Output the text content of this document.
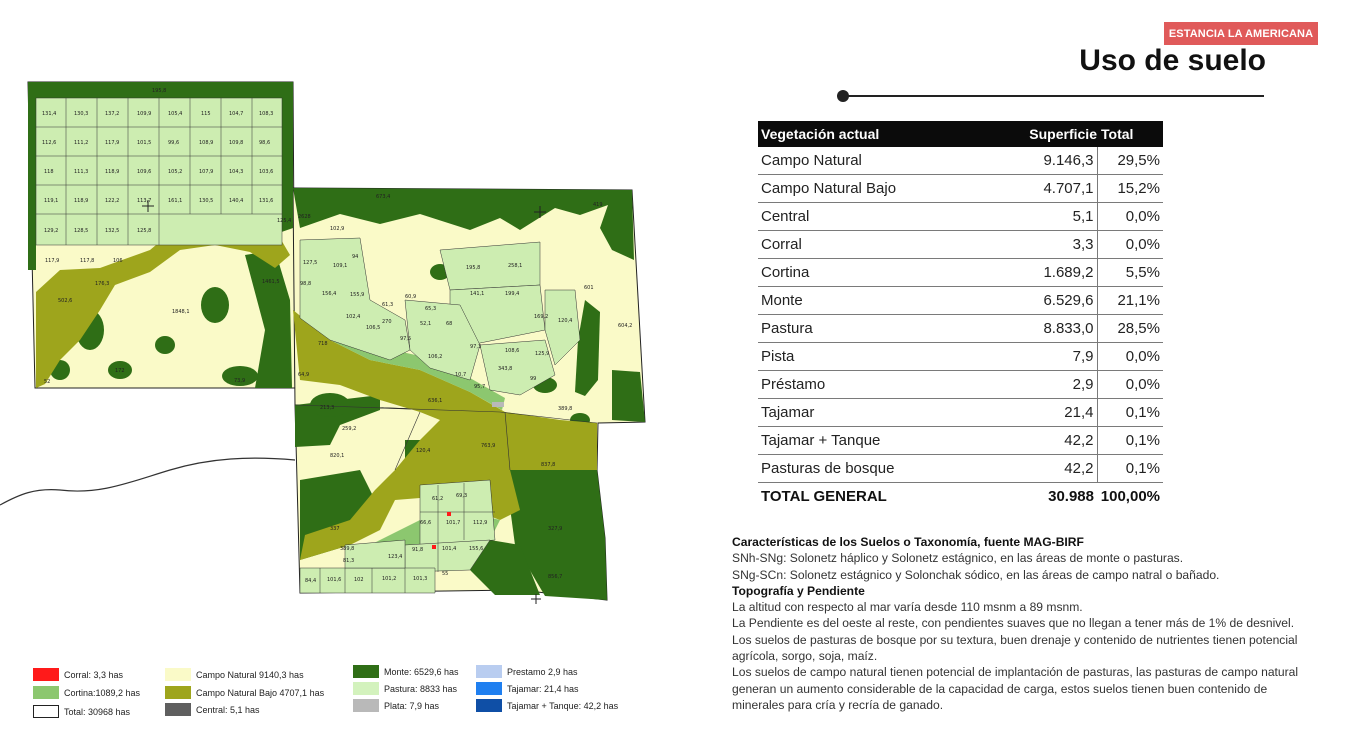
ESTANCIA LA AMERICANA
Uso de suelo
195,8
131,4	130,3	137,2	109,9	105,4	115	104,7	108,3
112,6	111,2	117,9	101,5	99,6	108,9	109,8	98,6
118	111,3	118,9	109,6	105,2	107,9	104,3	103,6
119,1	118,9	122,2	113,7	161,1	130,5	140,4	131,6
129,2	128,5	132,5	125,8
117,9	117,8	106
176,3
502,6
1848,1
1461,5
52
172
73,9
673,4
419
2628
125,4
102,9
127,5	109,1
94
98,8
156,4	155,9
102,4
61,3
60,9
106,5
65,3
270
97,5
52,1	68
106,2
97,3
10,7
95,7
195,8	258,1
141,1	199,4
169,2
120,4
601
604,2
108,6	125,9
343,8
99
718
64,9
636,1
389,8
213,3
259,2
820,1
120,4
763,9
837,8
337
389,8
81,3
123,4
66,6	101,7	112,9
61,2	69,3
91,8	101,4	155,6
84,4 101,6	102	101,2	101,3
55	856,7
327,9
Vegetación actual	Superficie	Total
Campo Natural	9.146,3	29,5%
Campo Natural Bajo	4.707,1	15,2%
Central	5,1	0,0%
Corral	3,3	0,0%
Cortina	1.689,2	5,5%
Monte	6.529,6	21,1%
Pastura	8.833,0	28,5%
Pista	7,9	0,0%
Préstamo	2,9	0,0%
Tajamar	21,4	0,1%
Tajamar + Tanque	42,2	0,1%
Pasturas de bosque	42,2	0,1%
TOTAL GENERAL	30.988	100,00%

Características de los Suelos o Taxonomía, fuente MAG-BIRF

SNh-SNg: Solonetz háplico y Solonetz estágnico, en las áreas de monte o pasturas.

SNg-SCn: Solonetz estágnico y Solonchak sódico, en las áreas de campo natral o bañado.

Topografía y Pendiente

La altitud con respecto al mar varía desde 110 msnm a 89 msnm.

La Pendiente es del oeste al reste, con pendientes suaves que no llegan a tener más de 1% de desnivel. Los suelos de pasturas de bosque por su textura, buen drenaje y contenido de nutrientes tienen potencial agrícola, sorgo, soja, maíz.

Los suelos de campo natural tienen potencial de implantación de pasturas, las pasturas de campo natural generan un aumento considerable de la capacidad de carga, estos suelos tienen buen contenido de minerales para cría y recría de ganado.

Corral: 3,3 has
Cortina:1089,2 has
Total: 30968 has
Campo Natural 9140,3 has
Campo Natural Bajo 4707,1 has
Central: 5,1 has
Monte: 6529,6 has
Pastura: 8833 has
Plata: 7,9 has
Prestamo 2,9 has
Tajamar: 21,4 has
Tajamar + Tanque: 42,2 has
